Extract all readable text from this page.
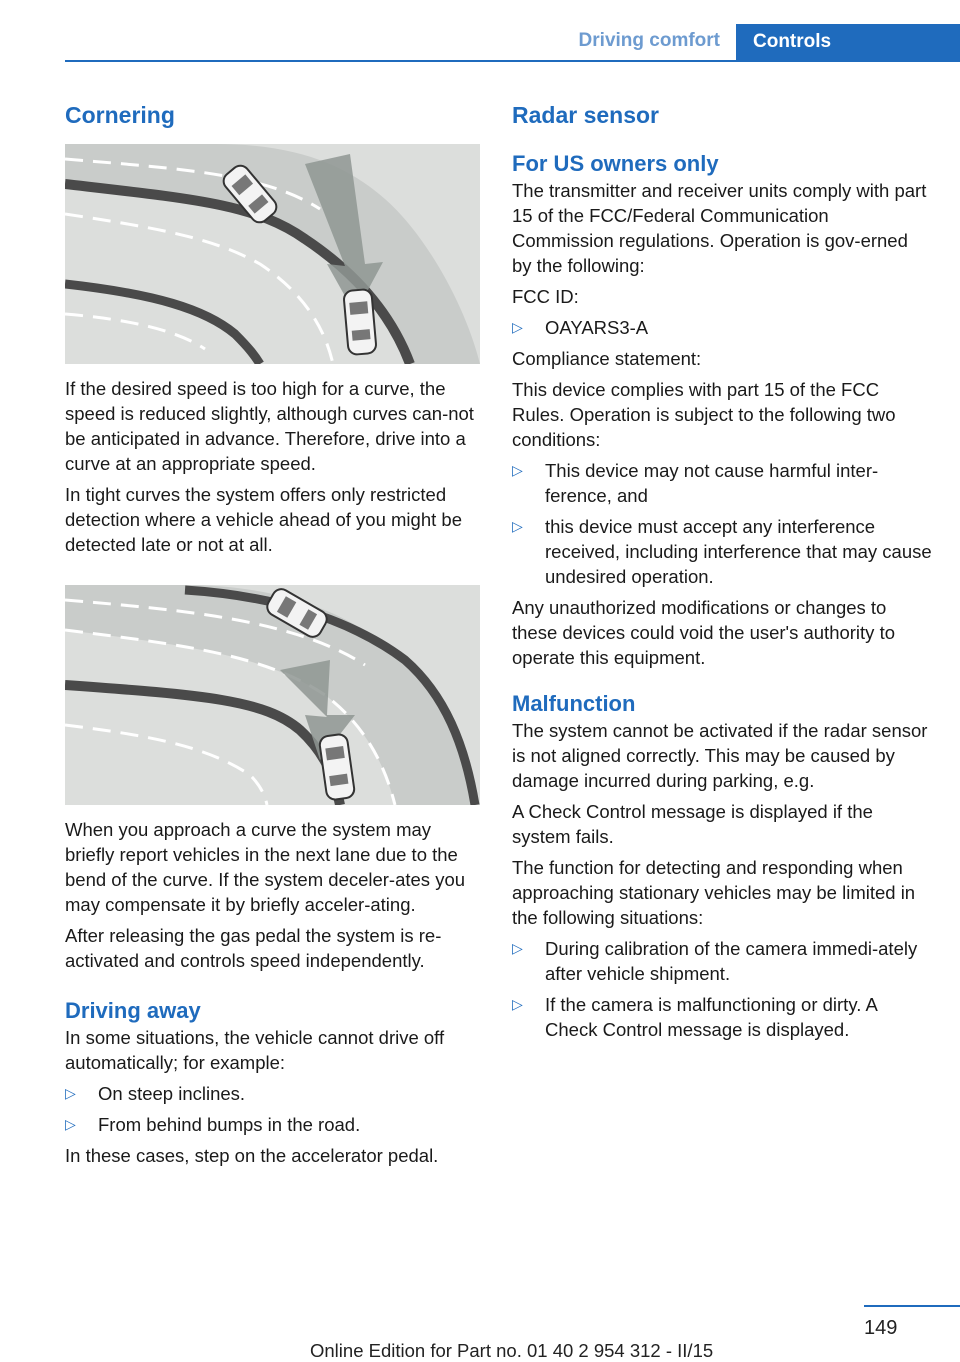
Driving comfort Controls
Cornering

If the desired speed is too high for a curve, the speed is reduced slightly, although curves can-not be anticipated in advance. Therefore, drive into a curve at an appropriate speed.

In tight curves the system offers only restricted detection where a vehicle ahead of you might be detected late or not at all.

When you approach a curve the system may briefly report vehicles in the next lane due to the bend of the curve. If the system deceler-ates you may compensate it by briefly acceler-ating.

After releasing the gas pedal the system is re-activated and controls speed independently.

Driving away

In some situations, the vehicle cannot drive off automatically; for example:

▷	On steep inclines.
▷	From behind bumps in the road.

In these cases, step on the accelerator pedal.

Radar sensor
For US owners only

The transmitter and receiver units comply with part 15 of the FCC/Federal Communication Commission regulations. Operation is gov-erned by the following:

FCC ID:

▷	OAYARS3-A

Compliance statement:

This device complies with part 15 of the FCC Rules. Operation is subject to the following two conditions:

▷	This device may not cause harmful inter-ference, and
▷	this device must accept any interference received, including interference that may cause undesired operation.

Any unauthorized modifications or changes to these devices could void the user's authority to operate this equipment.

Malfunction

The system cannot be activated if the radar sensor is not aligned correctly. This may be caused by damage incurred during parking, e.g.

A Check Control message is displayed if the system fails.

The function for detecting and responding when approaching stationary vehicles may be limited in the following situations:

▷	During calibration of the camera immedi-ately after vehicle shipment.
▷	If the camera is malfunctioning or dirty. A Check Control message is displayed.
149
Online Edition for Part no. 01 40 2 954 312 - II/15
